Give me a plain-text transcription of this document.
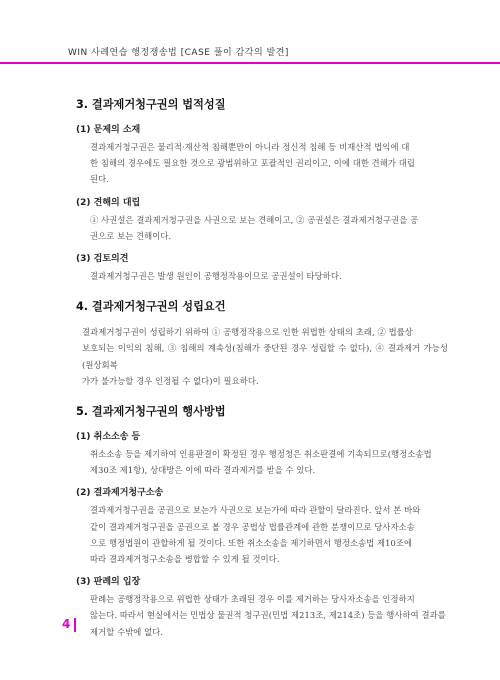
WIN 사례연습 행정쟁송법 [CASE 풀이 감각의 발견]
3. 결과제거청구권의 법적성질
(1) 문제의 소재

결과제거청구권은 물리적·재산적 침해뿐만이 아니라 정신적 침해 등 비재산적 법익에 대
한 침해의 경우에도 필요한 것으로 광범위하고 포괄적인 권리이고, 이에 대한 견해가 대립
된다.

(2) 견해의 대립

① 사권설은 결과제거청구권을 사권으로 보는 견해이고, ② 공권설은 결과제거청구권을 공
권으로 보는 견해이다.

(3) 검토의견

결과제거청구권은 발생 원인이 공행정작용이므로 공권설이 타당하다.

4. 결과제거청구권의 성립요건

결과제거청구권이 성립하기 위하여 ① 공행정작용으로 인한 위법한 상태의 초래, ② 법률상
보호되는 이익의 침해, ③ 침해의 계속성(침해가 중단된 경우 성립할 수 없다), ④ 결과제거 가능성(원상회복
가가 불가능할 경우 인정될 수 없다)이 필요하다.

5. 결과제거청구권의 행사방법
(1) 취소소송 등

취소소송 등을 제기하여 인용판결이 확정된 경우 행정청은 취소판결에 기속되므로(행정소송법
제30조 제1항), 상대방은 이에 따라 결과제거를 받을 수 있다.

(2) 결과제거청구소송

결과제거청구권을 공권으로 보는가 사권으로 보는가에 따라 관할이 달라진다. 앞서 본 바와
같이 결과제거청구권을 공권으로 볼 경우 공법상 법률관계에 관한 분쟁이므로 당사자소송
으로 행정법원이 관할하게 될 것이다. 또한 취소소송을 제기하면서 행정소송법 제10조에
따라 결과제거청구소송을 병합할 수 있게 될 것이다.

(3) 판례의 입장

판례는 공행정작용으로 위법한 상태가 초래된 경우 이를 제거하는 당사자소송을 인정하지
않는다. 따라서 현실에서는 민법상 물권적 청구권(민법 제213조, 제214조) 등을 행사하여 결과를
제거할 수밖에 없다.

4
